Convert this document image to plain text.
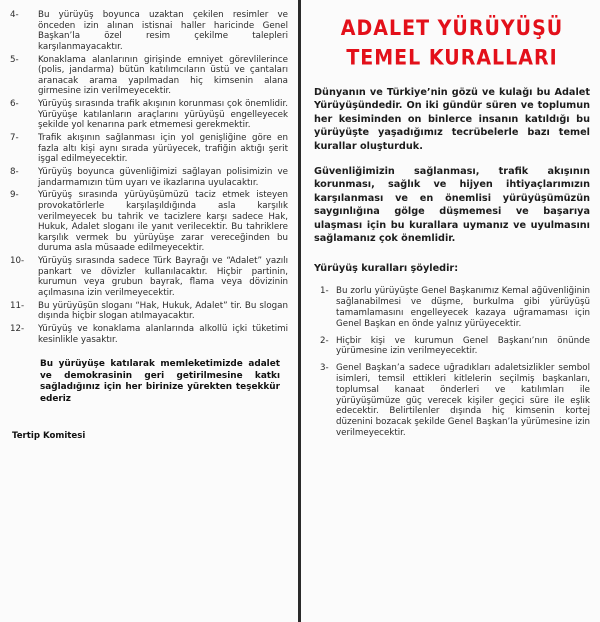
4-	Bu yürüyüş boyunca uzaktan çekilen resimler ve önceden izin alınan istisnai haller haricinde Genel Başkan’la özel resim çekilme talepleri karşılanmayacaktır.
5-	Konaklama alanlarının girişinde emniyet görevlilerince (polis, jandarma) bütün katılımcıların üstü ve çantaları aranacak arama yapılmadan hiç kimsenin alana girmesine izin verilmeyecektir.
6-	Yürüyüş sırasında trafik akışının korunması çok önemlidir. Yürüyüşe katılanların araçlarını yürüyüşü engelleyecek şekilde yol kenarına park etmemesi gerekmektir.
7-	Trafik akışının sağlanması için yol genişliğine göre en fazla altı kişi aynı sırada yürüyecek, trafiğin aktığı şerit işgal edilmeyecektir.
8-	Yürüyüş boyunca güvenliğimizi sağlayan polisimizin ve jandarmamızın tüm uyarı ve ikazlarına uyulacaktır.
9-	Yürüyüş sırasında yürüyüşümüzü taciz etmek isteyen provokatörlerle karşılaşıldığında asla karşılık verilmeyecek bu tahrik ve tacizlere karşı sadece Hak, Hukuk, Adalet sloganı ile yanıt verilecektir. Bu tahriklere karşılık vermek bu yürüyüşe zarar vereceğinden bu duruma asla müsaade edilmeyecektir.
10-	Yürüyüş sırasında sadece Türk Bayrağı ve “Adalet” yazılı pankart ve dövizler kullanılacaktır. Hiçbir partinin, kurumun veya grubun bayrak, flama veya dövizinin açılmasına izin verilmeyecektir.
11-	Bu yürüyüşün sloganı “Hak, Hukuk, Adalet” tir. Bu slogan dışında hiçbir slogan atılmayacaktır.
12-	Yürüyüş ve konaklama alanlarında alkollü içki tüketimi kesinlikle yasaktır.

Bu yürüyüşe katılarak memleketimizde adalet ve demokrasinin geri getirilmesine katkı sağladığınız için her birinize yürekten teşekkür ederiz

Tertip Komitesi

ADALET YÜRÜYÜŞÜ
TEMEL KURALLARI

Dünyanın ve Türkiye’nin gözü ve kulağı bu Adalet Yürüyüşündedir. On iki gündür süren ve toplumun her kesiminden on binlerce insanın katıldığı bu yürüyüşte yaşadığımız tecrübelerle bazı temel kurallar oluşturduk.

Güvenliğimizin sağlanması, trafik akışının korunması, sağlık ve hijyen ihtiyaçlarımızın karşılanması ve en önemlisi yürüyüşümüzün saygınlığına gölge düşmemesi ve başarıya ulaşması için bu kurallara uymanız ve uyulmasını sağlamanız çok önemlidir.

Yürüyüş kuralları şöyledir:

1- Bu zorlu yürüyüşte Genel Başkanımız Kemal ağüvenliğinin sağlanabilmesi ve düşme, burkulma gibi yürüyüşü tamamlamasını engelleyecek kazaya uğramaması için Genel Başkan en önde yalnız yürüyecektir.
2- Hiçbir kişi ve kurumun Genel Başkanı’nın önünde yürümesine izin verilmeyecektir.
3- Genel Başkan’a sadece uğradıkları adaletsizlikler sembol isimleri, temsil ettikleri kitlelerin seçilmiş başkanları, toplumsal kanaat önderleri ve katılımları ile yürüyüşümüze güç verecek kişiler geçici süre ile eşlik edecektir. Belirtilenler dışında hiç kimsenin kortej düzenini bozacak şekilde Genel Başkan’la yürümesine izin verilmeyecektir.
